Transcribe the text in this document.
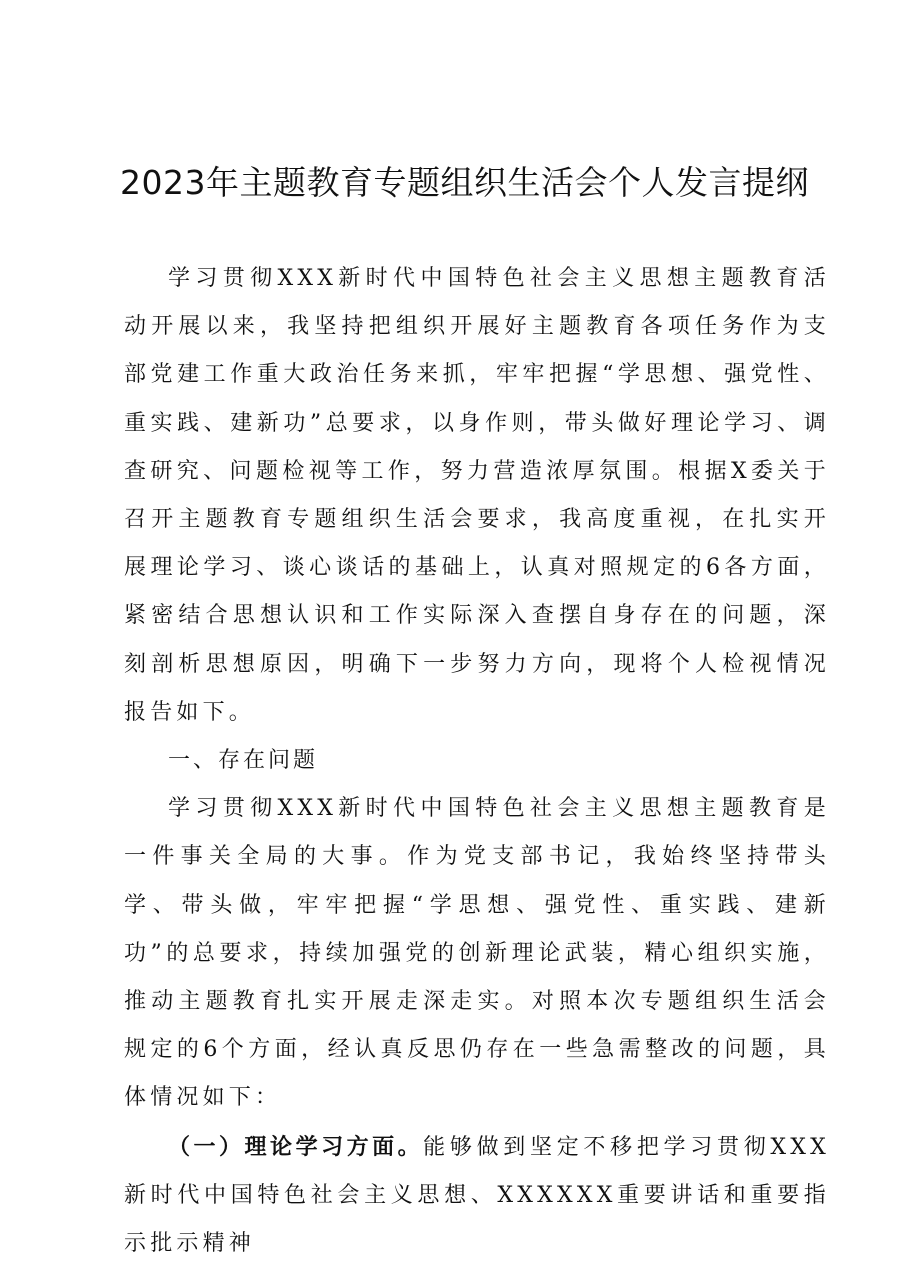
2023年主题教育专题组织生活会个人发言提纲

学习贯彻XXX新时代中国特色社会主义思想主题教育活动开展以来，我坚持把组织开展好主题教育各项任务作为支部党建工作重大政治任务来抓，牢牢把握“学思想、强党性、重实践、建新功”总要求，以身作则，带头做好理论学习、调查研究、问题检视等工作，努力营造浓厚氛围。根据X委关于召开主题教育专题组织生活会要求，我高度重视，在扎实开展理论学习、谈心谈话的基础上，认真对照规定的6各方面，紧密结合思想认识和工作实际深入查摆自身存在的问题，深刻剖析思想原因，明确下一步努力方向，现将个人检视情况报告如下。

一、存在问题

学习贯彻XXX新时代中国特色社会主义思想主题教育是一件事关全局的大事。作为党支部书记，我始终坚持带头学、带头做，牢牢把握“学思想、强党性、重实践、建新功”的总要求，持续加强党的创新理论武装，精心组织实施，推动主题教育扎实开展走深走实。对照本次专题组织生活会规定的6个方面，经认真反思仍存在一些急需整改的问题，具体情况如下：

（一）理论学习方面。能够做到坚定不移把学习贯彻XXX新时代中国特色社会主义思想、XXXXXX重要讲话和重要指示批示精神
